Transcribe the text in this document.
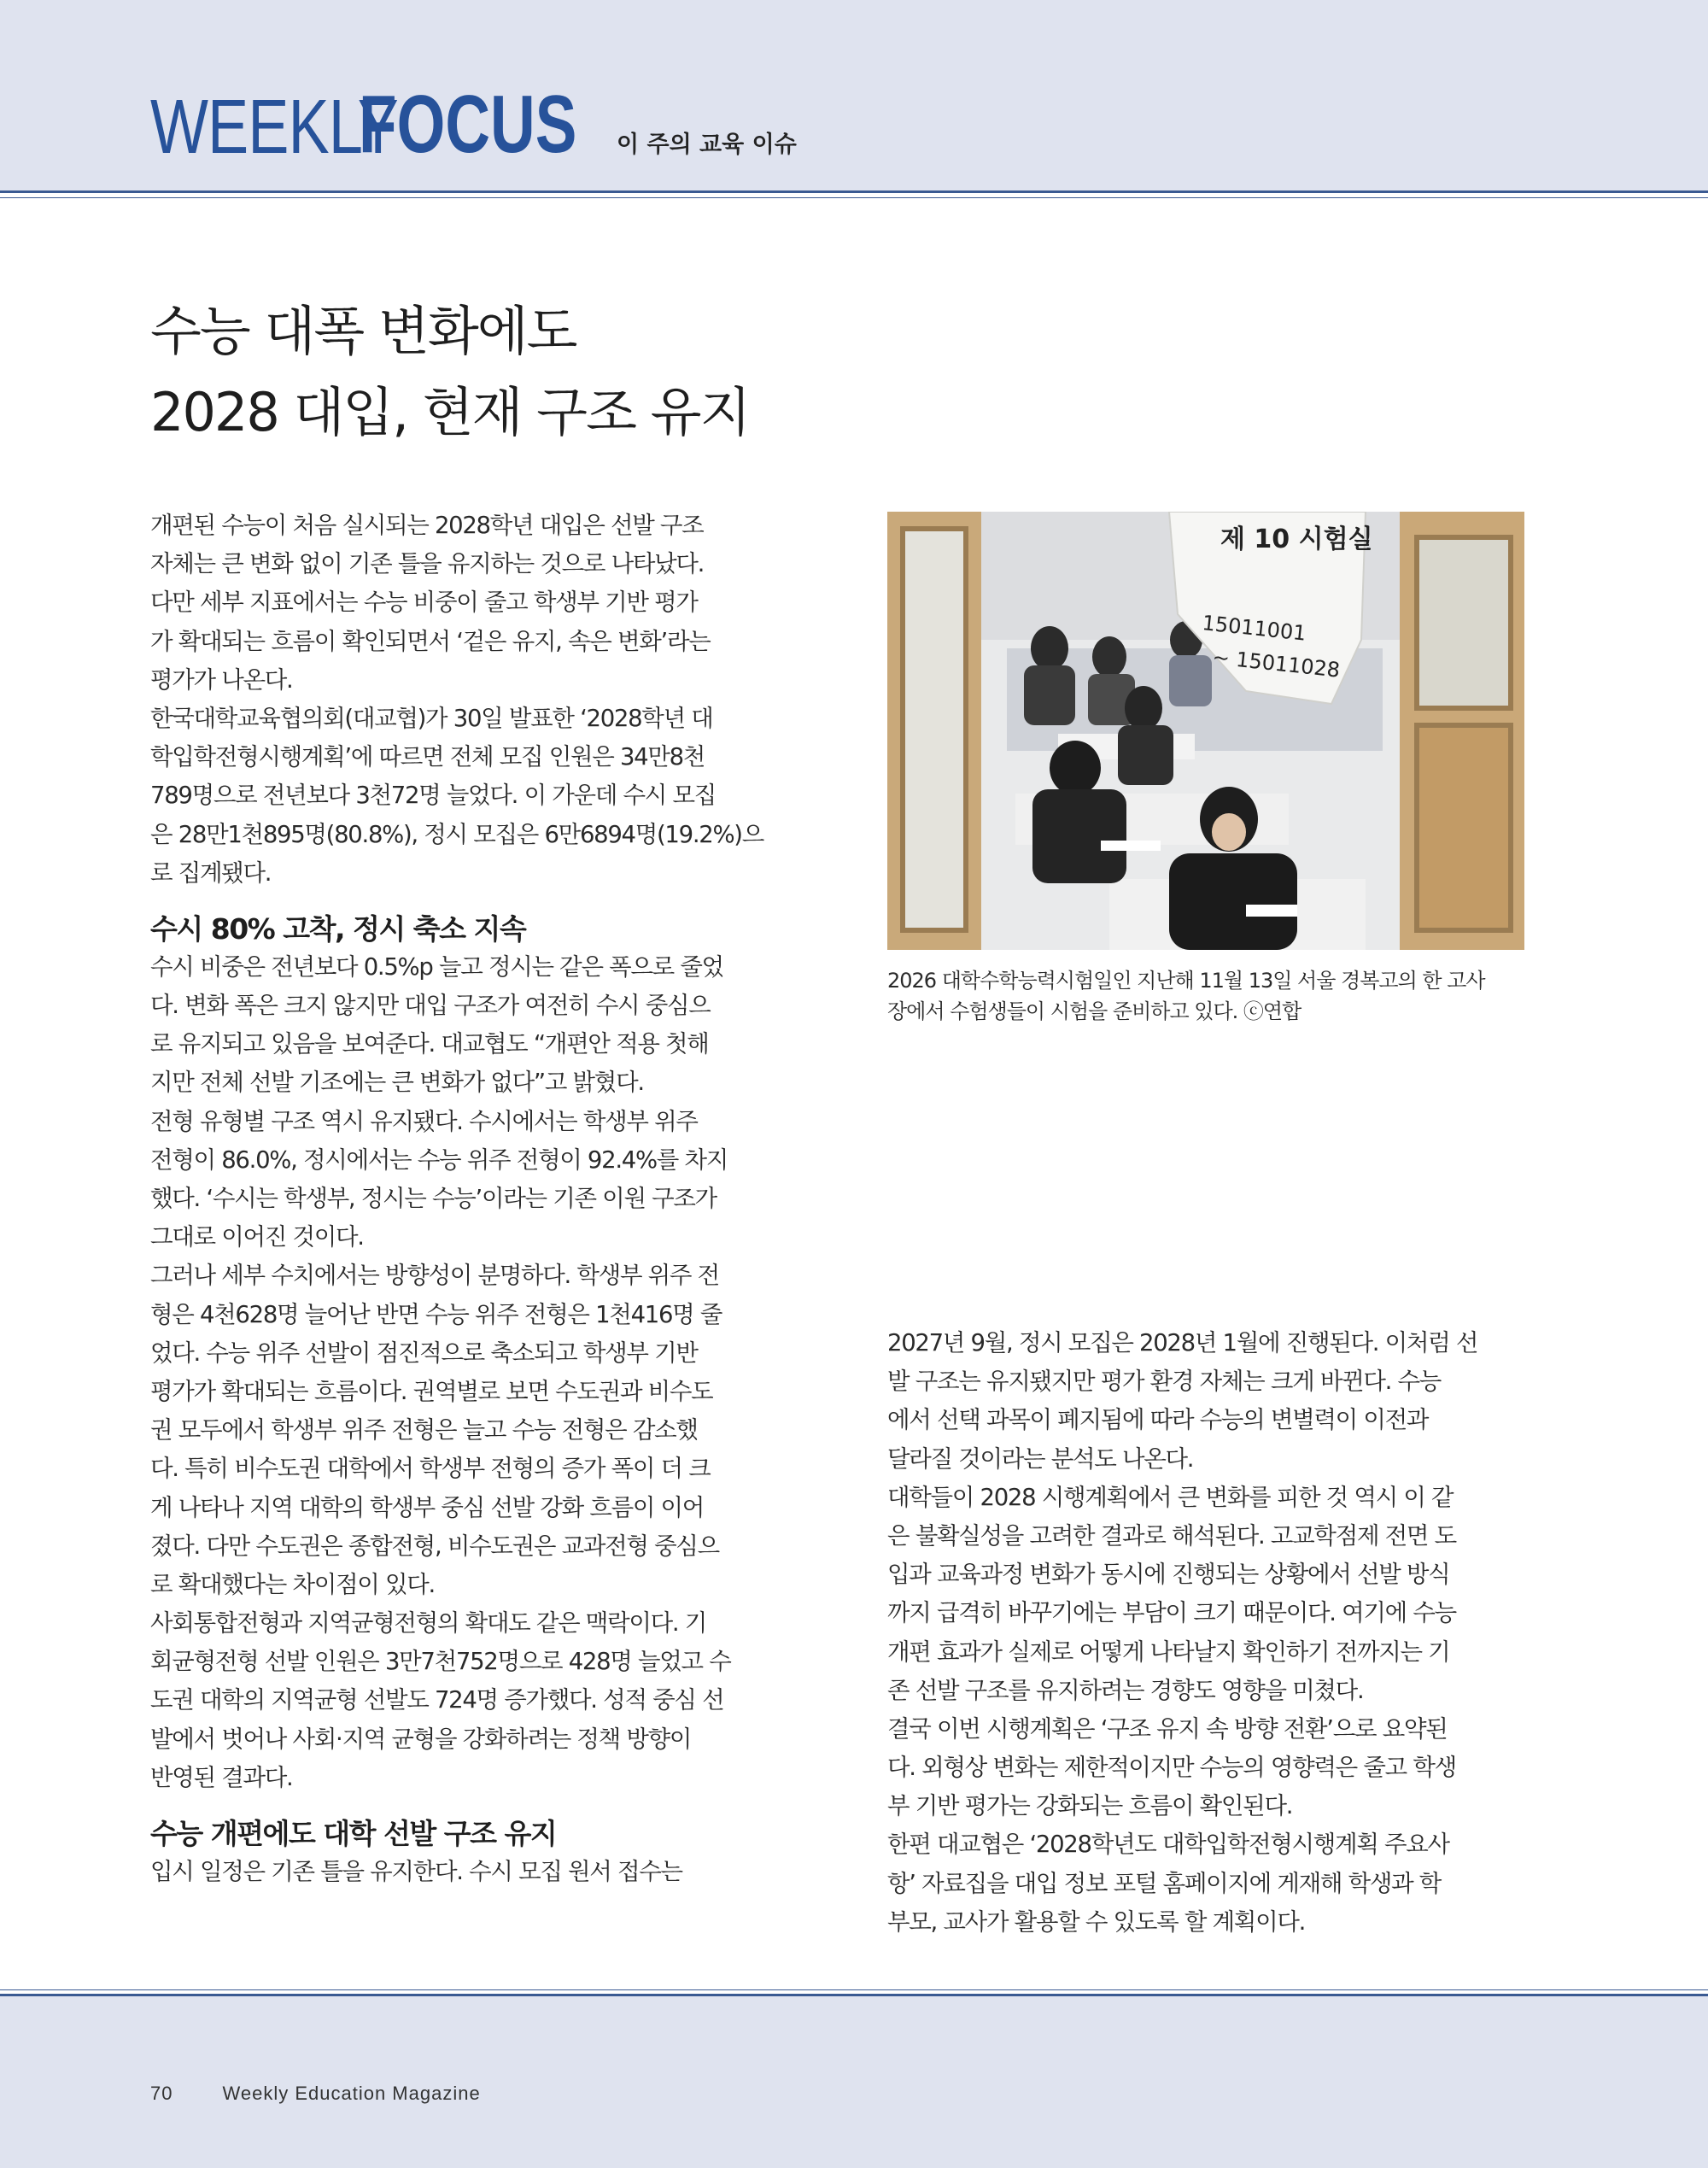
WEEKLY
FOCUS 이 주의 교육 이슈
수능 대폭 변화에도
2028 대입, 현재 구조 유지
개편된 수능이 처음 실시되는 2028학년 대입은 선발 구조
자체는 큰 변화 없이 기존 틀을 유지하는 것으로 나타났다.
다만 세부 지표에서는 수능 비중이 줄고 학생부 기반 평가
가 확대되는 흐름이 확인되면서 ‘겉은 유지, 속은 변화’라는
평가가 나온다.
한국대학교육협의회(대교협)가 30일 발표한 ‘2028학년 대
학입학전형시행계획’에 따르면 전체 모집 인원은 34만8천
789명으로 전년보다 3천72명 늘었다. 이 가운데 수시 모집
은 28만1천895명(80.8%), 정시 모집은 6만6894명(19.2%)으
로 집계됐다.
수시 80% 고착, 정시 축소 지속
수시 비중은 전년보다 0.5%p 늘고 정시는 같은 폭으로 줄었
다. 변화 폭은 크지 않지만 대입 구조가 여전히 수시 중심으
로 유지되고 있음을 보여준다. 대교협도 “개편안 적용 첫해
지만 전체 선발 기조에는 큰 변화가 없다”고 밝혔다.
전형 유형별 구조 역시 유지됐다. 수시에서는 학생부 위주
전형이 86.0%, 정시에서는 수능 위주 전형이 92.4%를 차지
했다. ‘수시는 학생부, 정시는 수능’이라는 기존 이원 구조가
그대로 이어진 것이다.
그러나 세부 수치에서는 방향성이 분명하다. 학생부 위주 전
형은 4천628명 늘어난 반면 수능 위주 전형은 1천416명 줄
었다. 수능 위주 선발이 점진적으로 축소되고 학생부 기반
평가가 확대되는 흐름이다. 권역별로 보면 수도권과 비수도
권 모두에서 학생부 위주 전형은 늘고 수능 전형은 감소했
다. 특히 비수도권 대학에서 학생부 전형의 증가 폭이 더 크
게 나타나 지역 대학의 학생부 중심 선발 강화 흐름이 이어
졌다. 다만 수도권은 종합전형, 비수도권은 교과전형 중심으
로 확대했다는 차이점이 있다.
사회통합전형과 지역균형전형의 확대도 같은 맥락이다. 기
회균형전형 선발 인원은 3만7천752명으로 428명 늘었고 수
도권 대학의 지역균형 선발도 724명 증가했다. 성적 중심 선
발에서 벗어나 사회·지역 균형을 강화하려는 정책 방향이
반영된 결과다.
수능 개편에도 대학 선발 구조 유지
입시 일정은 기존 틀을 유지한다. 수시 모집 원서 접수는
2027년 9월, 정시 모집은 2028년 1월에 진행된다. 이처럼 선
발 구조는 유지됐지만 평가 환경 자체는 크게 바뀐다. 수능
에서 선택 과목이 폐지됨에 따라 수능의 변별력이 이전과
달라질 것이라는 분석도 나온다.
대학들이 2028 시행계획에서 큰 변화를 피한 것 역시 이 같
은 불확실성을 고려한 결과로 해석된다. 고교학점제 전면 도
입과 교육과정 변화가 동시에 진행되는 상황에서 선발 방식
까지 급격히 바꾸기에는 부담이 크기 때문이다. 여기에 수능
개편 효과가 실제로 어떻게 나타날지 확인하기 전까지는 기
존 선발 구조를 유지하려는 경향도 영향을 미쳤다.
결국 이번 시행계획은 ‘구조 유지 속 방향 전환’으로 요약된
다. 외형상 변화는 제한적이지만 수능의 영향력은 줄고 학생
부 기반 평가는 강화되는 흐름이 확인된다.
한편 대교협은 ‘2028학년도 대학입학전형시행계획 주요사
항’ 자료집을 대입 정보 포털 홈페이지에 게재해 학생과 학
부모, 교사가 활용할 수 있도록 할 계획이다.
제 10 시험실
15011001
~ 15011028
2026 대학수학능력시험일인 지난해 11월 13일 서울 경복고의 한 고사
장에서 수험생들이 시험을 준비하고 있다. ⓒ연합
70	Weekly Education Magazine
